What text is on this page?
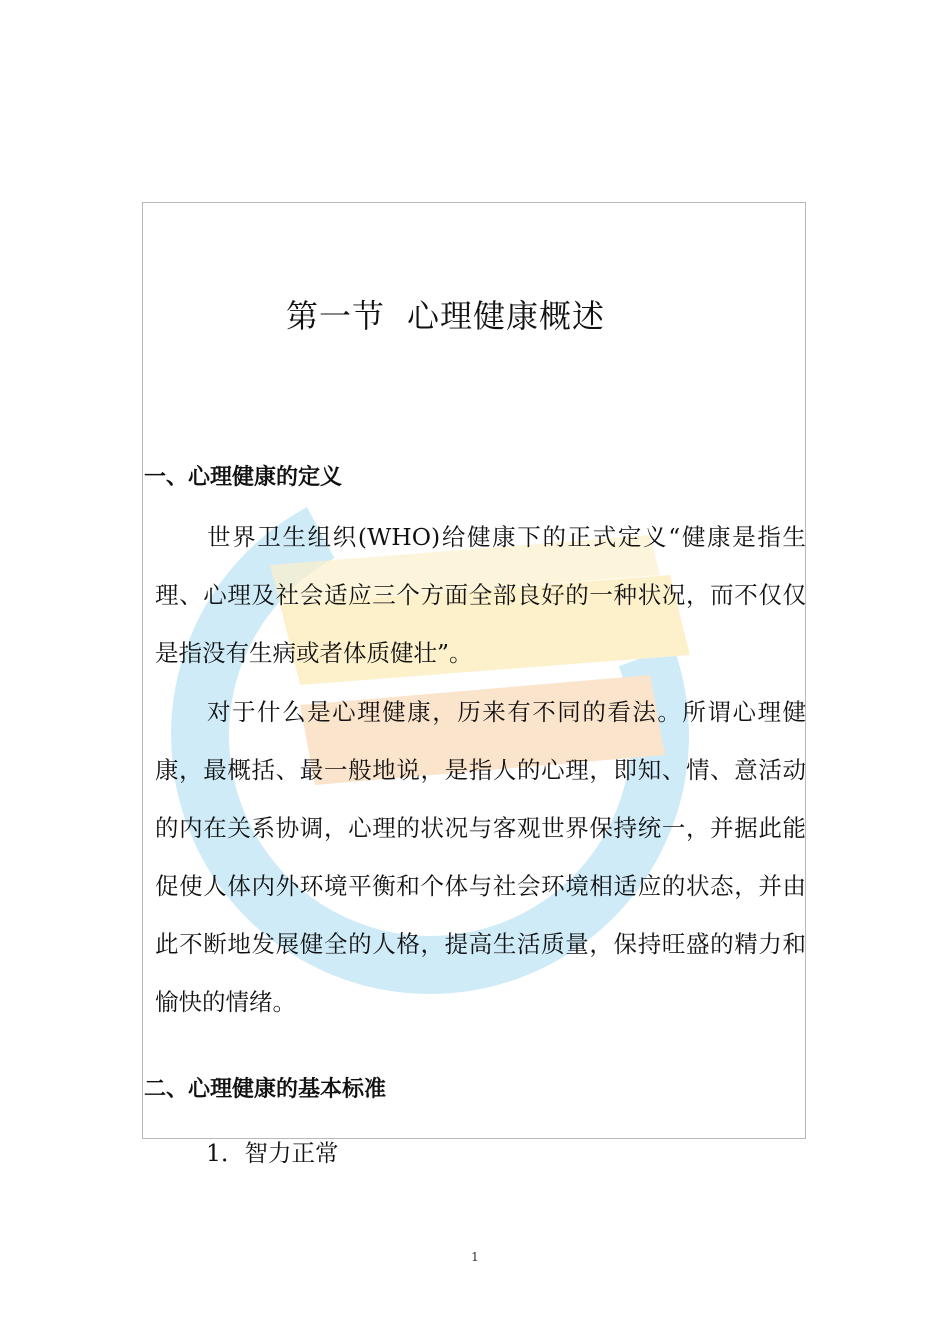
第一节 心理健康概述
一、心理健康的定义

世界卫生组织(WHO)给健康下的正式定义“健康是指生理、心理及社会适应三个方面全部良好的一种状况，而不仅仅是指没有生病或者体质健壮”。

对于什么是心理健康，历来有不同的看法。所谓心理健康，最概括、最一般地说，是指人的心理，即知、情、意活动的内在关系协调，心理的状况与客观世界保持统一，并据此能促使人体内外环境平衡和个体与社会环境相适应的状态，并由此不断地发展健全的人格，提高生活质量，保持旺盛的精力和愉快的情绪。

二、心理健康的基本标准
1．智力正常
1
